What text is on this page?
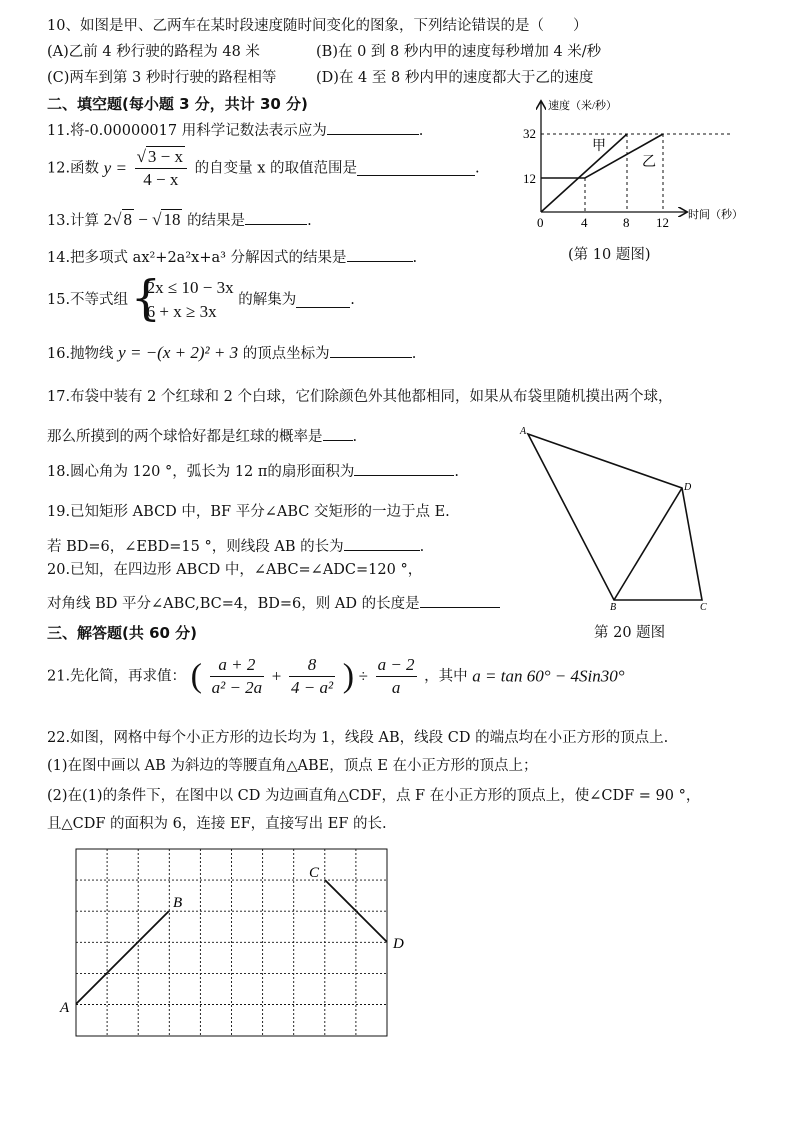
10、如图是甲、乙两车在某时段速度随时间变化的图象，下列结论错误的是（　　）
(A)乙前 4 秒行驶的路程为 48 米	(B)在 0 到 8 秒内甲的速度每秒增加 4 米/秒
(C)两车到第 3 秒时行驶的路程相等	(D)在 4 至 8 秒内甲的速度都大于乙的速度
二、填空题(每小题 3 分，共计 30 分)
11.将-0.00000017 用科学记数法表示应为	.
12.函数 $y = \frac{√ 3 - x}{4 - x}$ 的自变量 x 的取值范围是	.
13.计算 2√ 8 − √ 18 的结果是	.
14.把多项式 ax²+2a²x+a³ 分解因式的结果是	.
15.不等式组
{ 2x ≤ 10 − 3x
6 + x ≥ 3x
的解集为	.
16.抛物线 y = −(x + 2)² + 3 的顶点坐标为	.
17.布袋中装有 2 个红球和 2 个白球，它们除颜色外其他都相同，如果从布袋里随机摸出两个球，
那么所摸到的两个球恰好都是红球的概率是 .
18.圆心角为 120 °，弧长为 12 π的扇形面积为	.
19.已知矩形 ABCD 中，BF 平分∠ABC 交矩形的一边于点 E.
若 BD=6，∠EBD=15 °，则线段 AB 的长为	.
20.已知，在四边形 ABCD 中，∠ABC=∠ADC=120 °，
对角线 BD 平分∠ABC,BC=4，BD=6，则 AD 的长度是
三、解答题(共 60 分)	第 20 题图
21.先化简，再求值： ( $\frac{a + 2}{\text{a² − 2a}} + \frac{8}{\text{4 − a²}}$ ) ÷ $\frac{a - 2}{a}$ ，其中 a = tan 60° − 4Sin30°
22.如图，网格中每个小正方形的边长均为 1，线段 AB，线段 CD 的端点均在小正方形的顶点上.
(1)在图中画以 AB 为斜边的等腰直角△ABE，顶点 E 在小正方形的顶点上；
(2)在(1)的条件下，在图中以 CD 为边画直角△CDF，点 F 在小正方形的顶点上，使∠CDF = 90 °，
且△CDF 的面积为 6，连接 EF，直接写出 EF 的长.
速度（米/秒）
时间（秒）
0	4	8 12
12
32
甲
乙
(第 10 题图)
A
D
B	C
A
B
C
D
